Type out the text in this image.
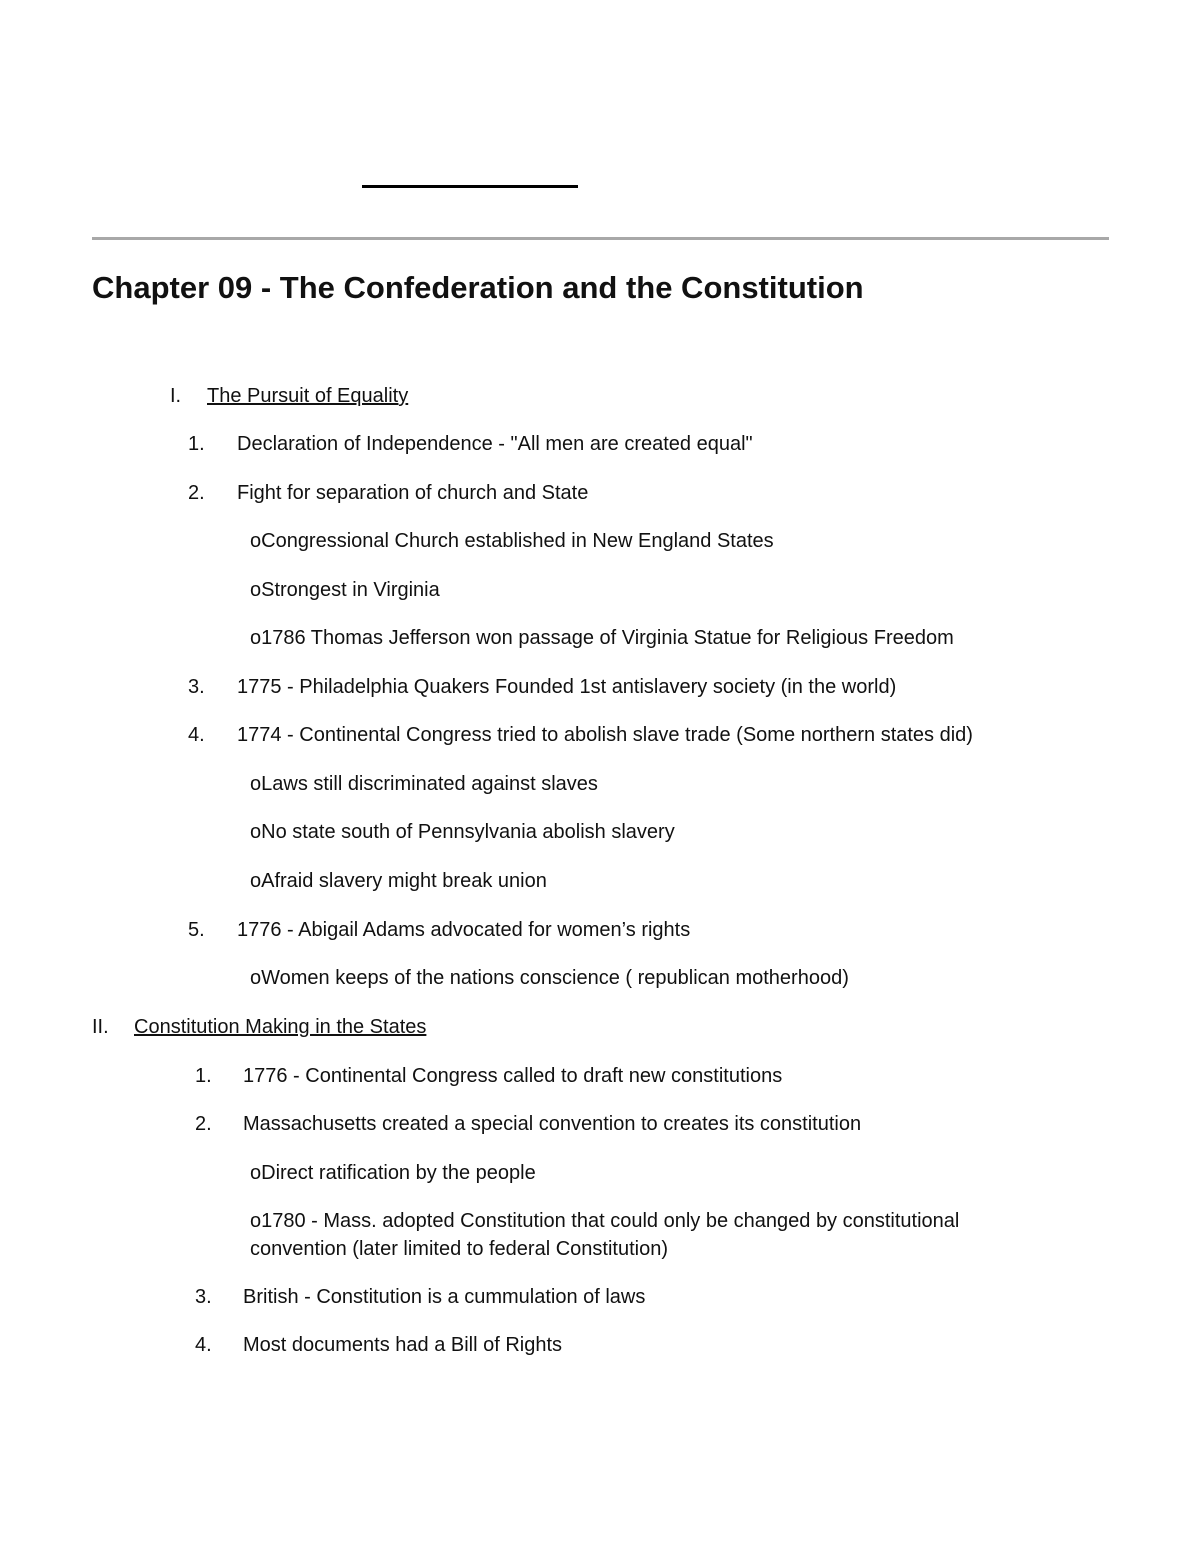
Chapter 09 - The Confederation and the Constitution
I. The Pursuit of Equality
1. Declaration of Independence - "All men are created equal"
2. Fight for separation of church and State
oCongressional Church established in New England States
oStrongest in Virginia
o1786 Thomas Jefferson won passage of Virginia Statue for Religious Freedom
3. 1775 - Philadelphia Quakers Founded 1st antislavery society (in the world)
4. 1774 - Continental Congress tried to abolish slave trade (Some northern states did)
oLaws still discriminated against slaves
oNo state south of Pennsylvania abolish slavery
oAfraid slavery might break union
5. 1776 - Abigail Adams advocated for women’s rights
oWomen keeps of the nations conscience ( republican motherhood)
II. Constitution Making in the States
1. 1776 - Continental Congress called to draft new constitutions
2. Massachusetts created a special convention to creates its constitution
oDirect ratification by the people
o1780 - Mass. adopted Constitution that could only be changed by constitutional convention (later limited to federal Constitution)
3. British - Constitution is a cummulation of laws
4. Most documents had a Bill of Rights
